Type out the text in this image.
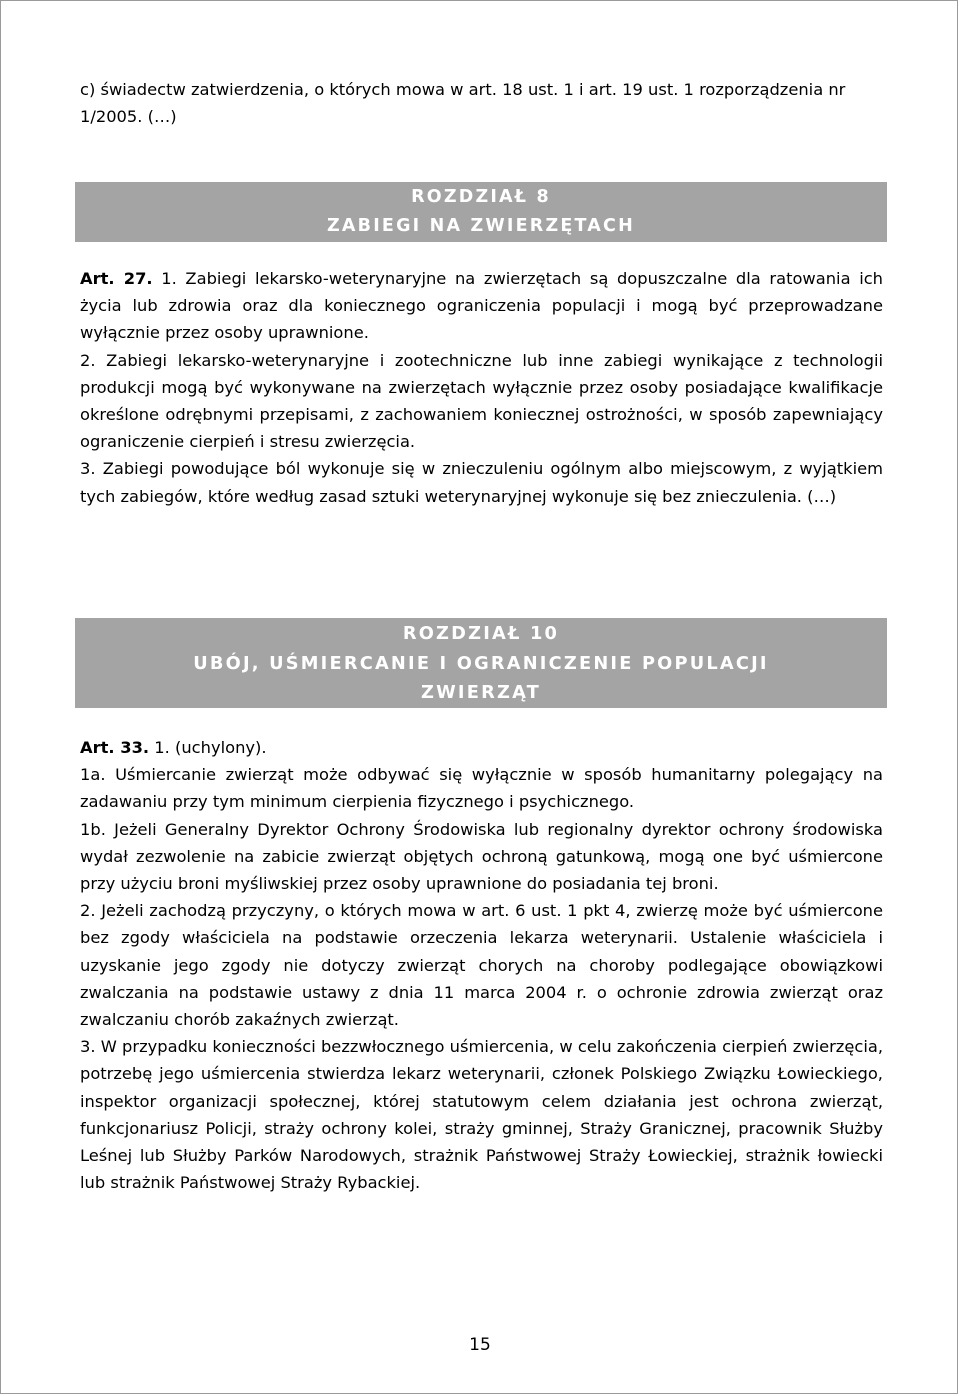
c) świadectw zatwierdzenia, o których mowa w art. 18 ust. 1 i art. 19 ust. 1 rozporządzenia nr 1/2005. (…)

ROZDZIAŁ 8
ZABIEGI NA ZWIERZĘTACH

Art. 27. 1. Zabiegi lekarsko-weterynaryjne na zwierzętach są dopuszczalne dla ratowania ich życia lub zdrowia oraz dla koniecznego ograniczenia populacji i mogą być przeprowadzane wyłącznie przez osoby uprawnione.

2. Zabiegi lekarsko-weterynaryjne i zootechniczne lub inne zabiegi wynikające z technologii produkcji mogą być wykonywane na zwierzętach wyłącznie przez osoby posiadające kwalifikacje określone odrębnymi przepisami, z zachowaniem koniecznej ostrożności, w sposób zapewniający ograniczenie cierpień i stresu zwierzęcia.

3. Zabiegi powodujące ból wykonuje się w znieczuleniu ogólnym albo miejscowym, z wyjątkiem tych zabiegów, które według zasad sztuki weterynaryjnej wykonuje się bez znieczulenia. (…)

ROZDZIAŁ 10
UBÓJ, UŚMIERCANIE I OGRANICZENIE POPULACJI
ZWIERZĄT

Art. 33. 1. (uchylony).

1a. Uśmiercanie zwierząt może odbywać się wyłącznie w sposób humanitarny polegający na zadawaniu przy tym minimum cierpienia fizycznego i psychicznego.

1b. Jeżeli Generalny Dyrektor Ochrony Środowiska lub regionalny dyrektor ochrony środowiska wydał zezwolenie na zabicie zwierząt objętych ochroną gatunkową, mogą one być uśmiercone przy użyciu broni myśliwskiej przez osoby uprawnione do posiadania tej broni.

2. Jeżeli zachodzą przyczyny, o których mowa w art. 6 ust. 1 pkt 4, zwierzę może być uśmiercone bez zgody właściciela na podstawie orzeczenia lekarza weterynarii. Ustalenie właściciela i uzyskanie jego zgody nie dotyczy zwierząt chorych na choroby podlegające obowiązkowi zwalczania na podstawie ustawy z dnia 11 marca 2004 r. o ochronie zdrowia zwierząt oraz zwalczaniu chorób zakaźnych zwierząt.

3. W przypadku konieczności bezzwłocznego uśmiercenia, w celu zakończenia cierpień zwierzęcia, potrzebę jego uśmiercenia stwierdza lekarz weterynarii, członek Polskiego Związku Łowieckiego, inspektor organizacji społecznej, której statutowym celem działania jest ochrona zwierząt, funkcjonariusz Policji, straży ochrony kolei, straży gminnej, Straży Granicznej, pracownik Służby Leśnej lub Służby Parków Narodowych, strażnik Państwowej Straży Łowieckiej, strażnik łowiecki lub strażnik Państwowej Straży Rybackiej.

15
